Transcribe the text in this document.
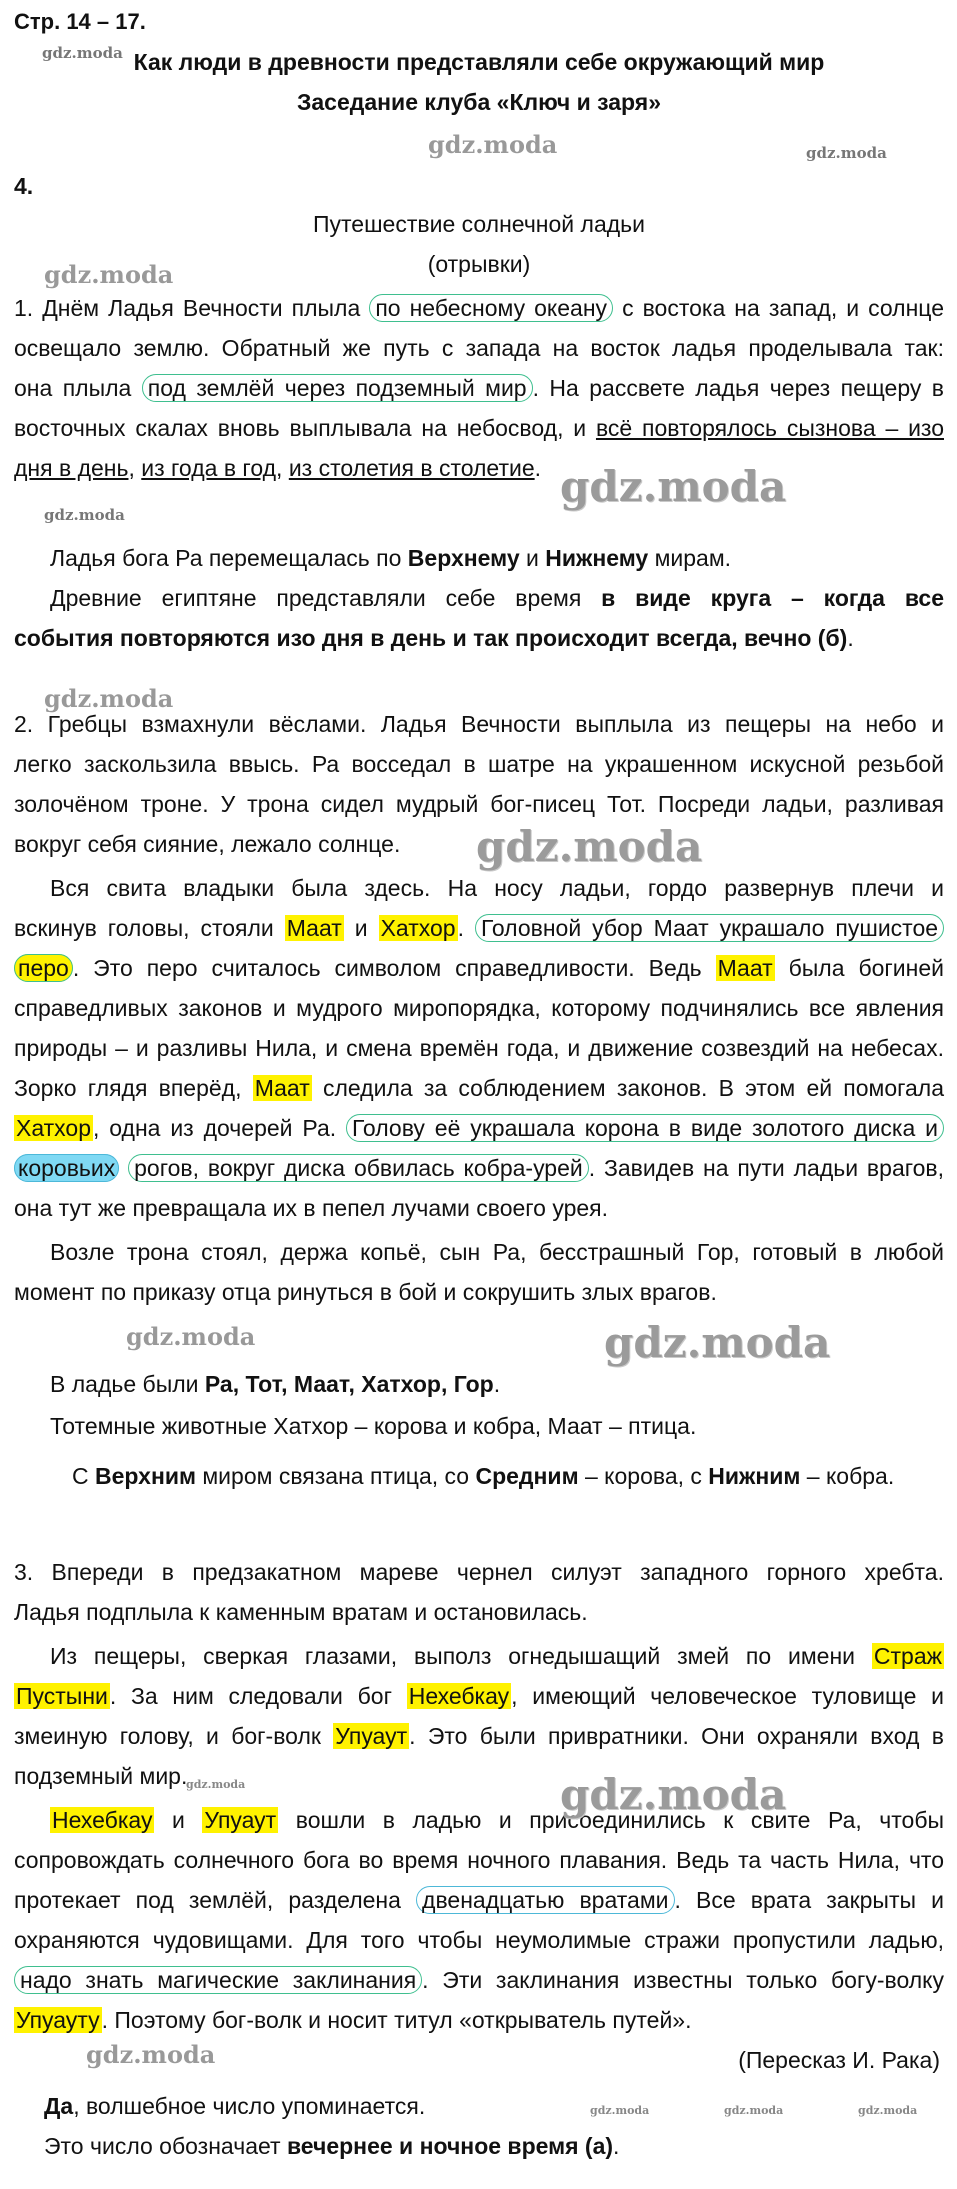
Стр. 14 – 17.
Как люди в древности представляли себе окружающий мир
Заседание клуба «Ключ и заря»
4.
Путешествие солнечной ладьи
(отрывки)
1. Днём Ладья Вечности плыла по небесному океану с востока на запад, и солнце
освещало землю. Обратный же путь с запада на восток ладья проделывала так:
она плыла под землёй через подземный мир . На рассвете ладья через пещеру в
восточных скалах вновь выплывала на небосвод, и всё повторялось сызнова – изо
дня в день, из года в год, из столетия в столетие.
Ладья бога Ра перемещалась по Верхнему и Нижнему мирам.
Древние египтяне представляли себе время в виде круга – когда все
события повторяются изо дня в день и так происходит всегда, вечно (б).
2. Гребцы взмахнули вёслами. Ладья Вечности выплыла из пещеры на небо и
легко заскользила ввысь. Ра восседал в шатре на украшенном искусной резьбой
золочёном троне. У трона сидел мудрый бог-писец Тот. Посреди ладьи, разливая
вокруг себя сияние, лежало солнце.
Вся свита владыки была здесь. На носу ладьи, гордо развернув плечи и
вскинув головы, стояли Маат и Хатхор. Головной убор Маат украшало пушистое
перо . Это перо считалось символом справедливости. Ведь Маат была богиней
справедливых законов и мудрого миропорядка, которому подчинялись все явления
природы – и разливы Нила, и смена времён года, и движение созвездий на небесах.
Зорко глядя вперёд, Маат следила за соблюдением законов. В этом ей помогала
Хатхор, одна из дочерей Ра. Голову её украшала корона в виде золотого диска и
коровьих рогов, вокруг диска обвилась кобра-урей . Завидев на пути ладьи врагов,
она тут же превращала их в пепел лучами своего урея.
Возле трона стоял, держа копьё, сын Ра, бесстрашный Гор, готовый в любой
момент по приказу отца ринуться в бой и сокрушить злых врагов.
В ладье были Ра, Тот, Маат, Хатхор, Гор.
Тотемные животные Хатхор – корова и кобра, Маат – птица.
С Верхним миром связана птица, со Средним – корова, с Нижним – кобра.
3. Впереди в предзакатном мареве чернел силуэт западного горного хребта.
Ладья подплыла к каменным вратам и остановилась.
Из пещеры, сверкая глазами, выполз огнедышащий змей по имени Страж
Пустыни. За ним следовали бог Нехебкау, имеющий человеческое туловище и
змеиную голову, и бог-волк Упуаут. Это были привратники. Они охраняли вход в
подземный мир.
Нехебкау и Упуаут вошли в ладью и присоединились к свите Ра, чтобы
сопровождать солнечного бога во время ночного плавания. Ведь та часть Нила, что
протекает под землёй, разделена двенадцатью вратами . Все врата закрыты и
охраняются чудовищами. Для того чтобы неумолимые стражи пропустили ладью,
надо знать магические заклинания . Эти заклинания известны только богу-волку
Упуауту. Поэтому бог-волк и носит титул «открыватель путей».
(Пересказ И. Рака)
Да, волшебное число упоминается.
Это число обозначает вечернее и ночное время (а).
gdz.moda
gdz.moda	gdz.moda
gdz.moda
gdz.moda
gdz.moda
gdz.moda
gdz.moda
gdz.moda	gdz.moda
gdz.moda
gdz.moda
gdz.moda
gdz.moda	gdz.moda	gdz.moda
